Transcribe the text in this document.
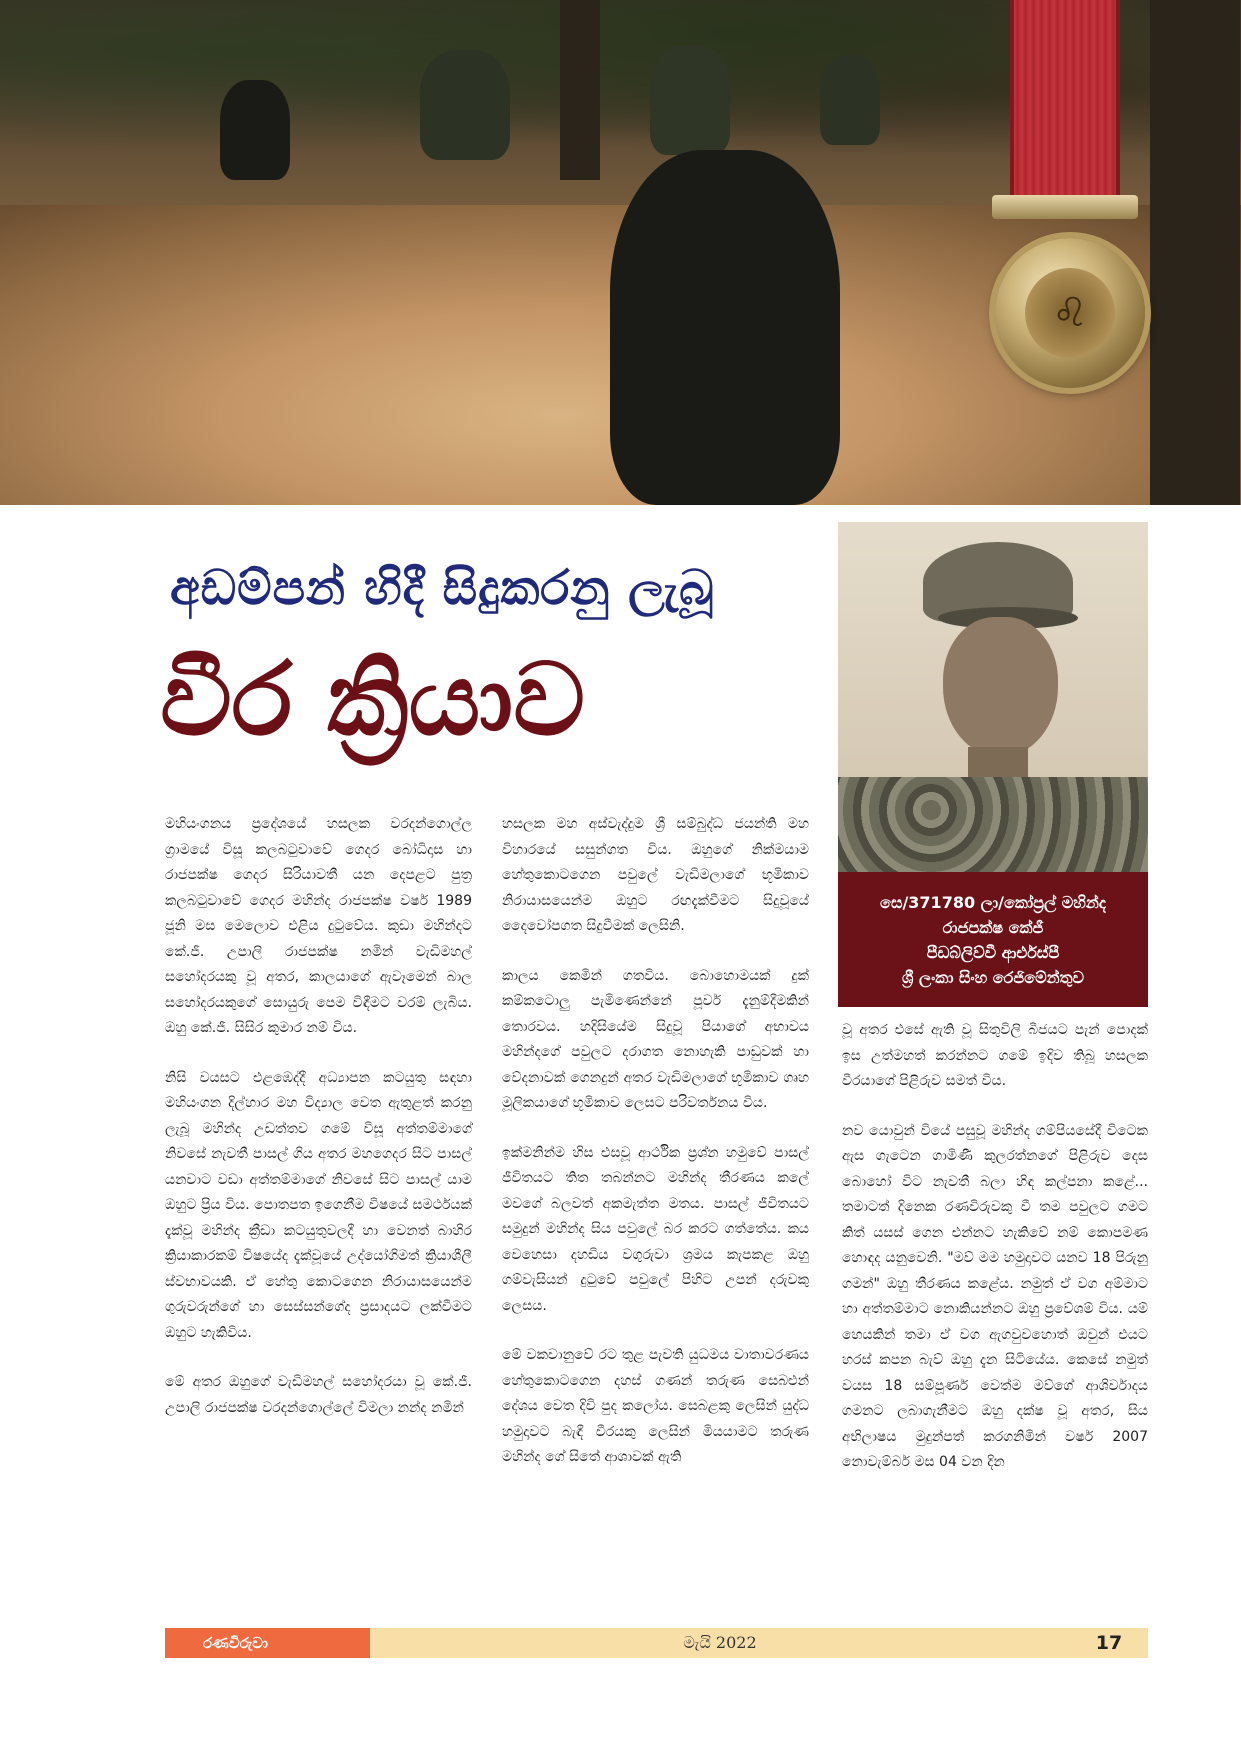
♌
අඩම්පන් හිදී සිදුකරනු ලැබූ
වීර ක්‍රියාව
සෙ/371780 ලා/කෝප්‍රල් මහින්ද
රාජපක්ෂ කේජී
පීඩබ්ලිව්වී ආර්එස්පී
ශ්‍රී ලංකා සිංහ රෙජිමේන්තුව

මහියංගනය ප්‍රදේශයේ හසලක වරදන්ගොල්ල ග්‍රාමයේ විසූ කලබටුවාවේ ගෙදර බෝධිදාස හා රාජපක්ෂ ගෙදර සිරියාවතී යන දෙපළට පුත්‍ර කලබටුවාවේ ගෙදර මහින්ද රාජපක්ෂ වර්ෂ 1989 ජූනි මස මෙලොව එළිය දුටුවේය. කුඩා මහින්දට කේ.ජී. උපාලි රාජපක්ෂ නමින් වැඩිමහල් සහෝදරයකු වූ අතර, කාලයාගේ ඇවෑමෙන් බාල සහෝදරයකුගේ සොයුරු පෙම විඳීමට වරම් ලැබිය. ඔහු කේ.ජී. සිසිර කුමාර නම් විය.

නිසි වයසට එළඹෙද්දී අධ්‍යාපන කටයුතු සඳහා මහියංගන දිල්හාර මහ විද්‍යාල වෙත ඇතුළත් කරනු ලැබූ මහින්ද උඩත්තව ගමේ විසූ අත්තම්මාගේ නිවසේ නැවතී පාසල් ගිය අතර මහගෙදර සිට පාසල් යනවාට වඩා අත්තම්මාගේ නිවසේ සිට පාසල් යාම ඔහුට ප්‍රිය විය. පොතපත ඉගෙනීම විෂයේ සමර්ථයක් දැක්වූ මහින්ද ක්‍රීඩා කටයුතුවලදී හා වෙනත් බාහිර ක්‍රියාකාරකම් විෂයේද දැක්වූයේ උද්යෝගිමත් ක්‍රියාශීලී ස්වභාවයකි. ඒ හේතු කොටගෙන නිරායාසයෙන්ම ගුරුවරුන්ගේ හා සෙස්සන්ගේද ප්‍රසාදයට ලක්වීමට ඔහුට හැකිවිය.

මේ අතර ඔහුගේ වැඩිමහල් සහෝදරයා වූ කේ.ජී. උපාලි රාජපක්ෂ වරදන්ගොල්ලේ විමලා නන්ද නමින්

හසලක මහ අස්වැද්දුම ශ්‍රී සම්බුද්ධ ජයන්ති මහ විහාරයේ සසුන්ගත විය. ඔහුගේ නික්මයාම හේතුකොටගෙන පවුලේ වැඩිමලාගේ භූමිකාව නිරායාසයෙන්ම ඔහුට රඟදැක්වීමට සිදුවූයේ දෛවෝපගත සිදුවීමක් ලෙසිනි.

කාලය කෙමින් ගතවිය. බොහොමයක් දුක් කම්කටොලු පැමිණෙන්නේ පූර්ව දැනුම්දීමකින් තොරවය. හදිසියේම සිදුවූ පියාගේ අභාවය මහින්දගේ පවුලට දරාගත නොහැකි පාඩුවක් හා වේදනාවක් ගෙනදුන් අතර වැඩිමලාගේ භූමිකාව ගෘහ මූලිකයාගේ භූමිකාව ලෙසට පරිවර්තනය විය.

ඉක්මනින්ම හිස එසවූ ආර්ථික ප්‍රශ්න හමුවේ පාසල් ජීවිතයට තිත තබන්නට මහින්ද තීරණය කලේ මවගේ බලවත් අකමැත්ත මතය. පාසල් ජීවිතයට සමුදුන් මහින්ද සිය පවුලේ බර කරට ගත්තේය. කය වෙහෙසා දහඩිය වගුරුවා ශ්‍රමය කැපකළ ඔහු ගම්වැසියන් දුටුවේ පවුලේ පිහිට උපන් දරුවකු ලෙසය.

මේ වකවානුවේ රට තුළ පැවති යුධමය වාතාවරණය හේතුකොටගෙන දහස් ගණන් තරුණ සෙබළුන් දේශය වෙත දිවි පුද කලෝය. සෙබළකු ලෙසින් යුද්ධ හමුදාවට බැඳී වීරයකු ලෙසින් මියයාමට තරුණ මහින්ද ගේ සිතේ ආශාවක් ඇති

වූ අතර එසේ ඇති වූ සිතුවිලි බීජයට පැන් පොදක් ඉස උත්මහත් කරන්නට ගමේ ඉදිව තිබූ හසලක වීරයාගේ පිළිරුව සමත් විය.

නව යොවුන් වියේ පසුවූ මහින්ද ගම්පියසේදී විටෙක ඇස ගැටෙන ගාමිණී කුලරත්නගේ පිළිරුව දෙස බොහෝ විට නැවතී බලා හිඳ කල්පනා කළේ... තමාටත් දිනෙක රණවිරුවකු වී තම පවුලට ගමට කිත් යසස් ගෙන එන්නට හැකිවේ නම් කොපමණ හොඳද යනුවෙනි. "මව් මම හමුදාවට යනව 18 පිරුනු ගමන්" ඔහු තීරණය කළේය. නමුත් ඒ වග අම්මාට හා අත්තම්මාට නොකියන්නට ඔහු ප්‍රවේශම් විය. යම් හෙයකින් තමා ඒ වග ඇගවුවහොත් ඔවුන් එයට හරස් කපන බැව් ඔහු දැන සිටියේය. කෙසේ නමුත් වයස 18 සම්පූර්ණ වෙත්ම මව්ගේ ආශිර්වාදය ගමනට ලබාගැනීමට ඔහු දක්ෂ වූ අතර, සිය අභිලාෂය මුදුන්පත් කරගනිමින් වර්ෂ 2007 නොවැම්බර් මස 04 වන දින

රණවිරුවා	මැයි 2022	17
